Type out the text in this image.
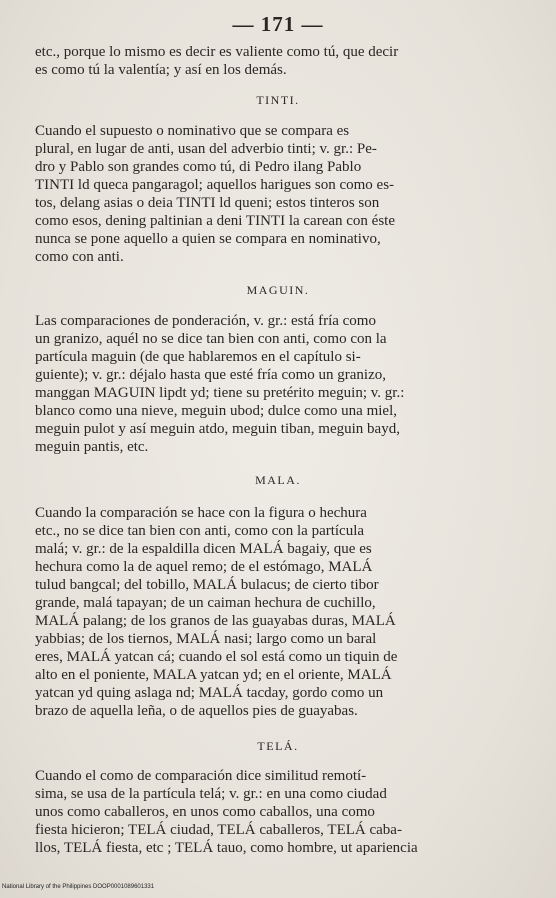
— 171 —
etc., porque lo mismo es decir es valiente como tú, que decir
es como tú la valentía; y así en los demás.
TINTI.
Cuando el supuesto o nominativo que se compara es
plural, en lugar de anti, usan del adverbio tinti; v. gr.: Pe-
dro y Pablo son grandes como tú, di Pedro ilang Pablo
TINTI ld queca pangaragol; aquellos harigues son como es-
tos, delang asias o deia TINTI ld queni; estos tinteros son
como esos, dening paltinian a deni TINTI la carean con éste
nunca se pone aquello a quien se compara en nominativo,
como con anti.
MAGUIN.
Las comparaciones de ponderación, v. gr.: está fría como
un granizo, aquél no se dice tan bien con anti, como con la
partícula maguin (de que hablaremos en el capítulo si-
guiente); v. gr.: déjalo hasta que esté fría como un granizo,
manggan MAGUIN lipdt yd; tiene su pretérito meguin; v. gr.:
blanco como una nieve, meguin ubod; dulce como una miel,
meguin pulot y así meguin atdo, meguin tiban, meguin bayd,
meguin pantis, etc.
MALA.
Cuando la comparación se hace con la figura o hechura
etc., no se dice tan bien con anti, como con la partícula
malá; v. gr.: de la espaldilla dicen MALÁ bagaiy, que es
hechura como la de aquel remo; de el estómago, MALÁ
tulud bangcal; del tobillo, MALÁ bulacus; de cierto tibor
grande, malá tapayan; de un caiman hechura de cuchillo,
MALÁ palang; de los granos de las guayabas duras, MALÁ
yabbias; de los tiernos, MALÁ nasi; largo como un baral
eres, MALÁ yatcan cá; cuando el sol está como un tiquin de
alto en el poniente, MALA yatcan yd; en el oriente, MALÁ
yatcan yd quing aslaga nd; MALÁ tacday, gordo como un
brazo de aquella leña, o de aquellos pies de guayabas.
TELÁ.
Cuando el como de comparación dice similitud remotí-
sima, se usa de la partícula telá; v. gr.: en una como ciudad
unos como caballeros, en unos como caballos, una como
fiesta hicieron; TELÁ ciudad, TELÁ caballeros, TELÁ caba-
llos, TELÁ fiesta, etc ; TELÁ tauo, como hombre, ut apariencia
National Library of the Philippines DOOP0001089601331
